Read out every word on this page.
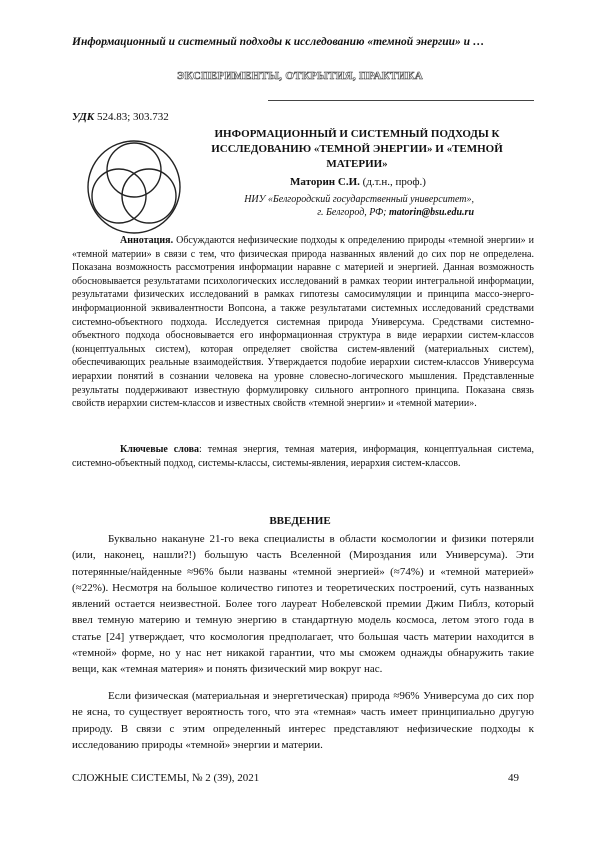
Информационный и системный подходы к исследованию «темной энергии» и …
ЭКСПЕРИМЕНТЫ, ОТКРЫТИЯ, ПРАКТИКА
УДК 524.83; 303.732
ИНФОРМАЦИОННЫЙ И СИСТЕМНЫЙ ПОДХОДЫ К ИССЛЕДОВАНИЮ «ТЕМНОЙ ЭНЕРГИИ» И «ТЕМНОЙ МАТЕРИИ»
Маторин С.И. (д.т.н., проф.)
НИУ «Белгородский государственный университет»,
г. Белгород, РФ; matorin@bsu.edu.ru
Аннотация. Обсуждаются нефизические подходы к определению природы «темной энергии» и «темной материи» в связи с тем, что физическая природа названных явлений до сих пор не определена. Показана возможность рассмотрения информации наравне с материей и энергией. Данная возможность обосновывается результатами психологических исследований в рамках теории интегральной информации, результатами физических исследований в рамках гипотезы самосимуляции и принципа массо-энерго-информационной эквивалентности Вопсона, а также результатами системных исследований средствами системно-объектного подхода. Исследуется системная природа Универсума. Средствами системно-объектного подхода обосновывается его информационная структура в виде иерархии систем-классов (концептуальных систем), которая определяет свойства систем-явлений (материальных систем), обеспечивающих реальные взаимодействия. Утверждается подобие иерархии систем-классов Универсума иерархии понятий в сознании человека на уровне словесно-логического мышления. Представленные результаты поддерживают известную формулировку сильного антропного принципа. Показана связь свойств иерархии систем-классов и известных свойств «темной энергии» и «темной материи».
Ключевые слова: темная энергия, темная материя, информация, концептуальная система, системно-объектный подход, системы-классы, системы-явления, иерархия систем-классов.
ВВЕДЕНИЕ
Буквально накануне 21-го века специалисты в области космологии и физики потеряли (или, наконец, нашли?!) большую часть Вселенной (Мироздания или Универсума). Эти потерянные/найденные ≈96% были названы «темной энергией» (≈74%) и «темной материей» (≈22%). Несмотря на большое количество гипотез и теоретических построений, суть названных явлений остается неизвестной. Более того лауреат Нобелевской премии Джим Пиблз, который ввел темную материю и темную энергию в стандартную модель космоса, летом этого года в статье [24] утверждает, что космология предполагает, что большая часть материи находится в «темной» форме, но у нас нет никакой гарантии, что мы сможем однажды обнаружить такие вещи, как «темная материя» и понять физический мир вокруг нас.
Если физическая (материальная и энергетическая) природа ≈96% Универсума до сих пор не ясна, то существует вероятность того, что эта «темная» часть имеет принципиально другую природу. В связи с этим определенный интерес представляют нефизические подходы к исследованию природы «темной» энергии и материи.
СЛОЖНЫЕ СИСТЕМЫ, № 2 (39), 2021	49
